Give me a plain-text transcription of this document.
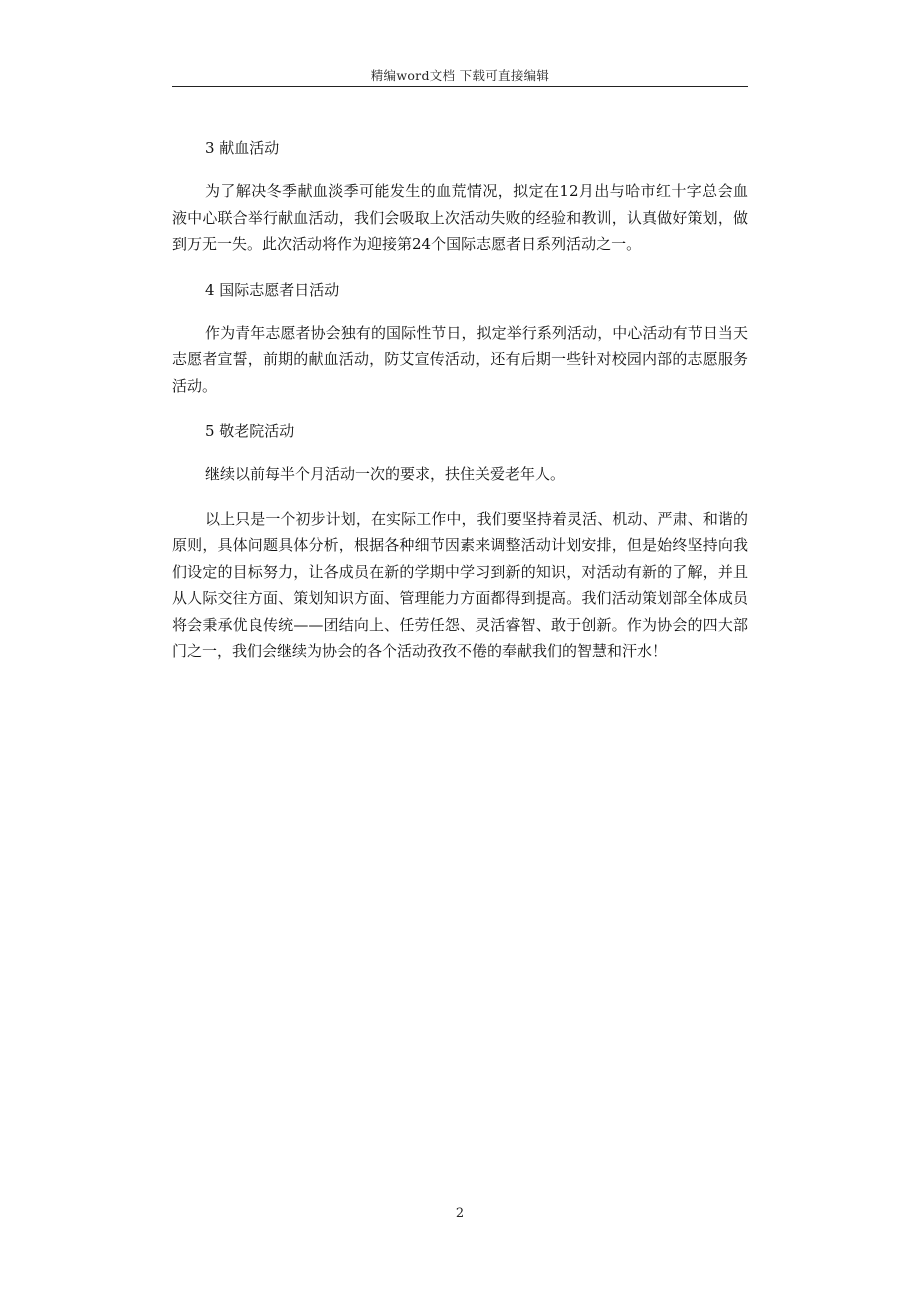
精编word文档 下载可直接编辑
3 献血活动

为了解决冬季献血淡季可能发生的血荒情况，拟定在12月出与哈市红十字总会血液中心联合举行献血活动，我们会吸取上次活动失败的经验和教训，认真做好策划，做到万无一失。此次活动将作为迎接第24个国际志愿者日系列活动之一。

4 国际志愿者日活动

作为青年志愿者协会独有的国际性节日，拟定举行系列活动，中心活动有节日当天志愿者宣誓，前期的献血活动，防艾宣传活动，还有后期一些针对校园内部的志愿服务活动。

5 敬老院活动

继续以前每半个月活动一次的要求，扶住关爱老年人。

以上只是一个初步计划，在实际工作中，我们要坚持着灵活、机动、严肃、和谐的原则，具体问题具体分析，根据各种细节因素来调整活动计划安排，但是始终坚持向我们设定的目标努力，让各成员在新的学期中学习到新的知识，对活动有新的了解，并且从人际交往方面、策划知识方面、管理能力方面都得到提高。我们活动策划部全体成员将会秉承优良传统——团结向上、任劳任怨、灵活睿智、敢于创新。作为协会的四大部门之一，我们会继续为协会的各个活动孜孜不倦的奉献我们的智慧和汗水！

2
